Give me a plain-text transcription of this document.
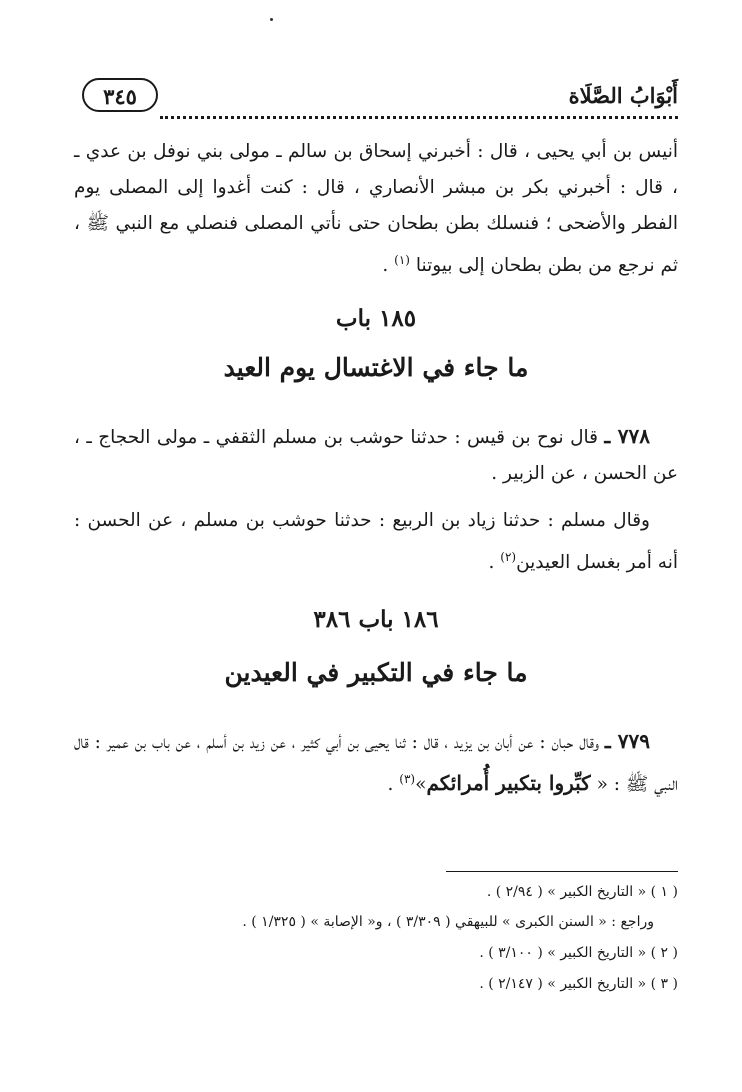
أَبْوَابُ الصَّلَاة
٣٤٥

أنيس بن أبي يحيى ، قال : أخبرني إسحاق بن سالم ـ مولى بني نوفل بن عدي ـ ، قال : أخبرني بكر بن مبشر الأنصاري ، قال : كنت أغدوا إلى المصلى يوم الفطر والأضحى ؛ فنسلك بطن بطحان حتى نأتي المصلى فنصلي مع النبي ﷺ ، ثم نرجع من بطن بطحان إلى بيوتنا $^{(١)}$ .

١٨٥ باب
ما جاء في الاغتسال يوم العيد

٧٧٨ ـ قال نوح بن قيس : حدثنا حوشب بن مسلم الثقفي ـ مولى الحجاج ـ ، عن الحسن ، عن الزبير .

وقال مسلم : حدثنا زياد بن الربيع : حدثنا حوشب بن مسلم ، عن الحسن : أنه أمر بغسل العيدين$^{(٢)}$ .

١٨٦ باب ٣٨٦
ما جاء في التكبير في العيدين

٧٧٩ ـ وقال حبان : عن أبان بن يزيد ، قال : ثنا يحيى بن أبي كثير ، عن زيد بن أسلم ، عن باب بن عمير : قال النبي ﷺ : « كبِّروا بتكبير أُمرائكم»$^{(٣)}$ .

( ١ ) « التاريخ الكبير » ( ٢/٩٤ ) .
وراجع : « السنن الكبرى » للبيهقي ( ٣/٣٠٩ ) ، و« الإصابة » ( ١/٣٢٥ ) .
( ٢ ) « التاريخ الكبير » ( ٣/١٠٠ ) .
( ٣ ) « التاريخ الكبير » ( ٢/١٤٧ ) .
